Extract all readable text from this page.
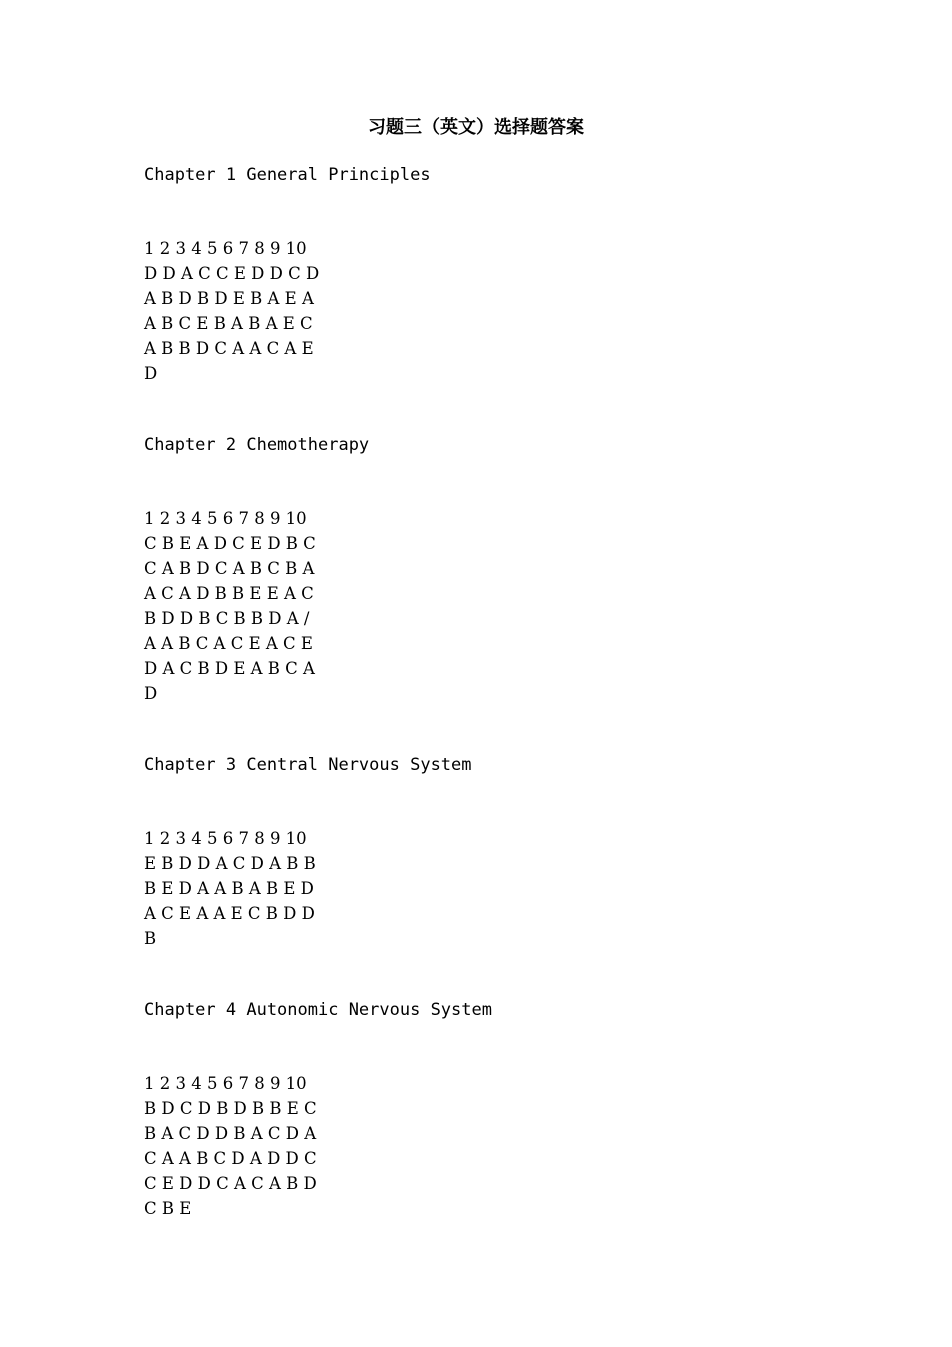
习题三（英文）选择题答案

Chapter 1 General Principles

1 2 3 4 5 6 7 8 9 10
D D A C C E D D C D
A B D B D E B A E A
A B C E B A B A E C
A B B D C A A C A E
D

Chapter 2 Chemotherapy

1 2 3 4 5 6 7 8 9 10
C B E A D C E D B C
C A B D C A B C B A
A C A D B B E E A C
B D D B C B B D A /
A A B C A C E A C E
D A C B D E A B C A
D

Chapter 3 Central Nervous System

1 2 3 4 5 6 7 8 9 10
E B D D A C D A B B
B E D A A B A B E D
A C E A A E C B D D
B

Chapter 4 Autonomic Nervous System

1 2 3 4 5 6 7 8 9 10
B D C D B D B B E C
B A C D D B A C D A
C A A B C D A D D C
C E D D C A C A B D
C B E
